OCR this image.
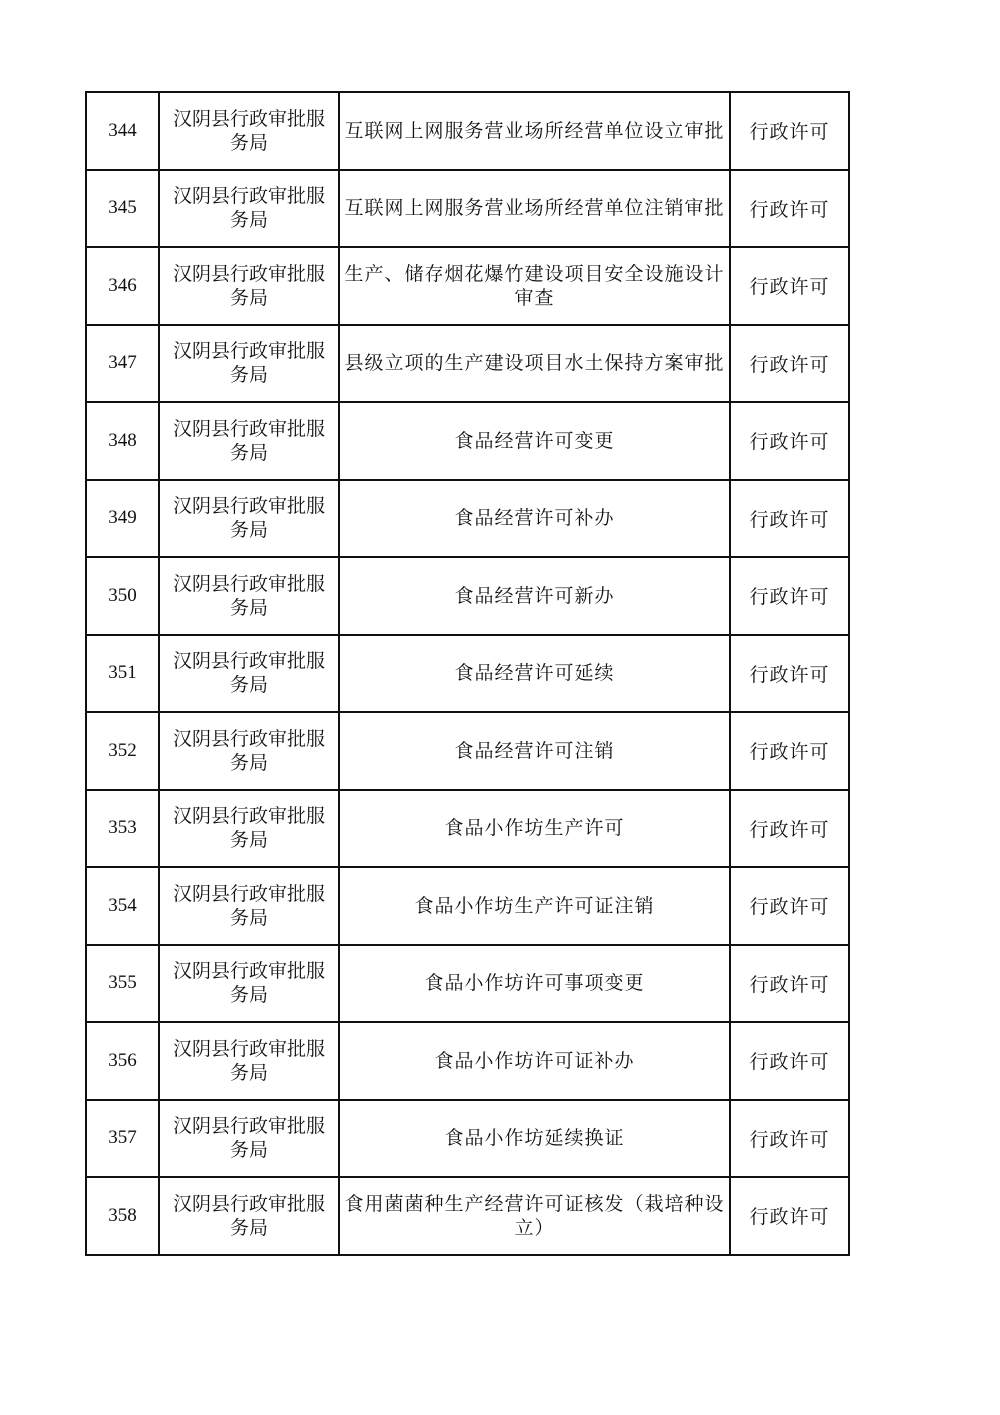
344	汉阴县行政审批服务局	互联网上网服务营业场所经营单位设立审批	行政许可

345	汉阴县行政审批服务局	互联网上网服务营业场所经营单位注销审批	行政许可

346	汉阴县行政审批服务局	生产、储存烟花爆竹建设项目安全设施设计审查	行政许可

347	汉阴县行政审批服务局	县级立项的生产建设项目水土保持方案审批	行政许可

348	汉阴县行政审批服务局	食品经营许可变更	行政许可

349	汉阴县行政审批服务局	食品经营许可补办	行政许可

350	汉阴县行政审批服务局	食品经营许可新办	行政许可

351	汉阴县行政审批服务局	食品经营许可延续	行政许可

352	汉阴县行政审批服务局	食品经营许可注销	行政许可

353	汉阴县行政审批服务局	食品小作坊生产许可	行政许可

354	汉阴县行政审批服务局	食品小作坊生产许可证注销	行政许可

355	汉阴县行政审批服务局	食品小作坊许可事项变更	行政许可

356	汉阴县行政审批服务局	食品小作坊许可证补办	行政许可

357	汉阴县行政审批服务局	食品小作坊延续换证	行政许可

358	汉阴县行政审批服务局	食用菌菌种生产经营许可证核发（栽培种设立）	行政许可
